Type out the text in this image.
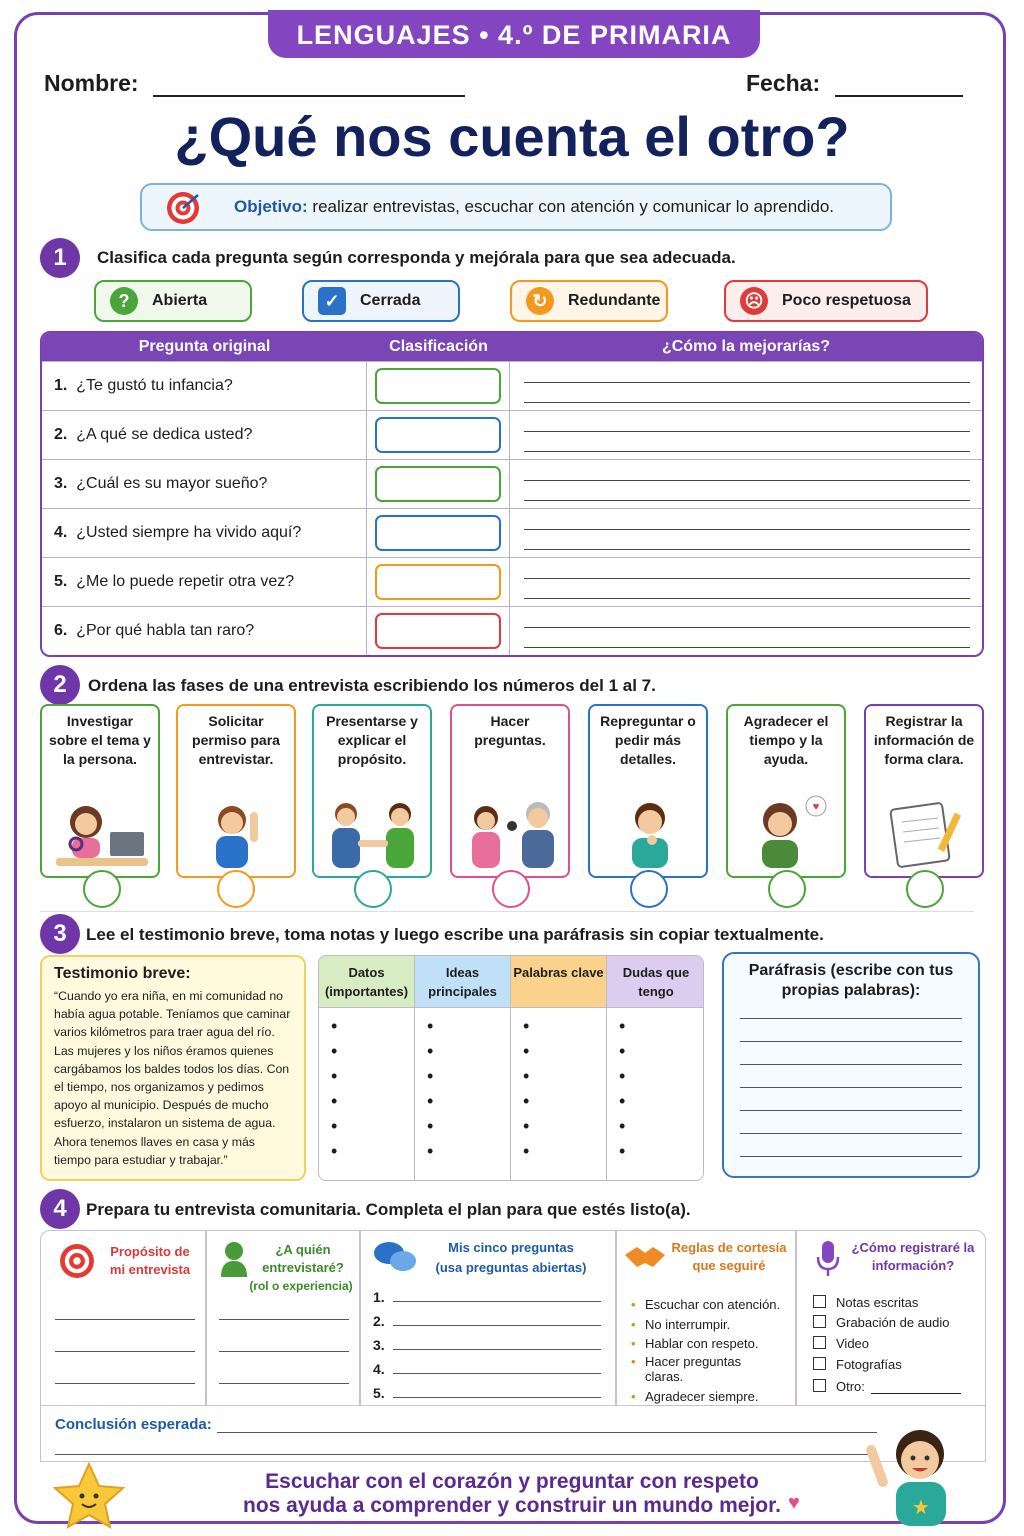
LENGUAJES • 4.º DE PRIMARIA
Nombre:	Fecha:
¿Qué nos cuenta el otro?
Objetivo: realizar entrevistas, escuchar con atención y comunicar lo aprendido.
1	Clasifica cada pregunta según corresponda y mejórala para que sea adecuada.
?	Abierta	✓	Cerrada	↻	Redundante	☹ Poco respetuosa
Pregunta original	Clasificación	¿Cómo la mejorarías?
1. ¿Te gustó tu infancia?		

2. ¿A qué se dedica usted?		

3. ¿Cuál es su mayor sueño?		

4. ¿Usted siempre ha vivido aquí?		

5. ¿Me lo puede repetir otra vez?		

6. ¿Por qué habla tan raro?		
2	Ordena las fases de una entrevista escribiendo los números del 1 al 7.
Investigar sobre el tema y la persona.
Solicitar permiso para entrevistar.
Presentarse y explicar el propósito.
Hacer preguntas.
Repreguntar o pedir más detalles.
Agradecer el tiempo y la ayuda.
♥
Registrar la información de forma clara.
3	Lee el testimonio breve, toma notas y luego escribe una paráfrasis sin copiar textualmente.
Testimonio breve:
“Cuando yo era niña, en mi comunidad no había agua potable. Teníamos que caminar varios kilómetros para traer agua del río. Las mujeres y los niños éramos quienes cargábamos los baldes todos los días. Con el tiempo, nos organizamos y pedimos apoyo al municipio. Después de mucho esfuerzo, instalaron un sistema de agua. Ahora tenemos llaves en casa y más tiempo para estudiar y trabajar.”
Datos (importantes)
•
•
•
•
•
•
Ideas principales
•
•
•
•
•
•
Palabras clave
•
•
•
•
•
•
Dudas que tengo
•
•
•
•
•
•
Paráfrasis (escribe con tus propias palabras):
4	Prepara tu entrevista comunitaria. Completa el plan para que estés listo(a).
Propósito de mi entrevista
¿A quién entrevistaré?
(rol o experiencia)
Mis cinco preguntas
(usa preguntas abiertas)
1.
2.
3.
4.
5.
Reglas de cortesía que seguiré
• Escuchar con atención.
• No interrumpir.
• Hablar con respeto.
• Hacer preguntas claras.
• Agradecer siempre.
¿Cómo registraré la información?
Notas escritas
Grabación de audio
Video
Fotografías
Otro:
Conclusión esperada:
Escuchar con el corazón y preguntar con respeto
nos ayuda a comprender y construir un mundo mejor. ♥	★
